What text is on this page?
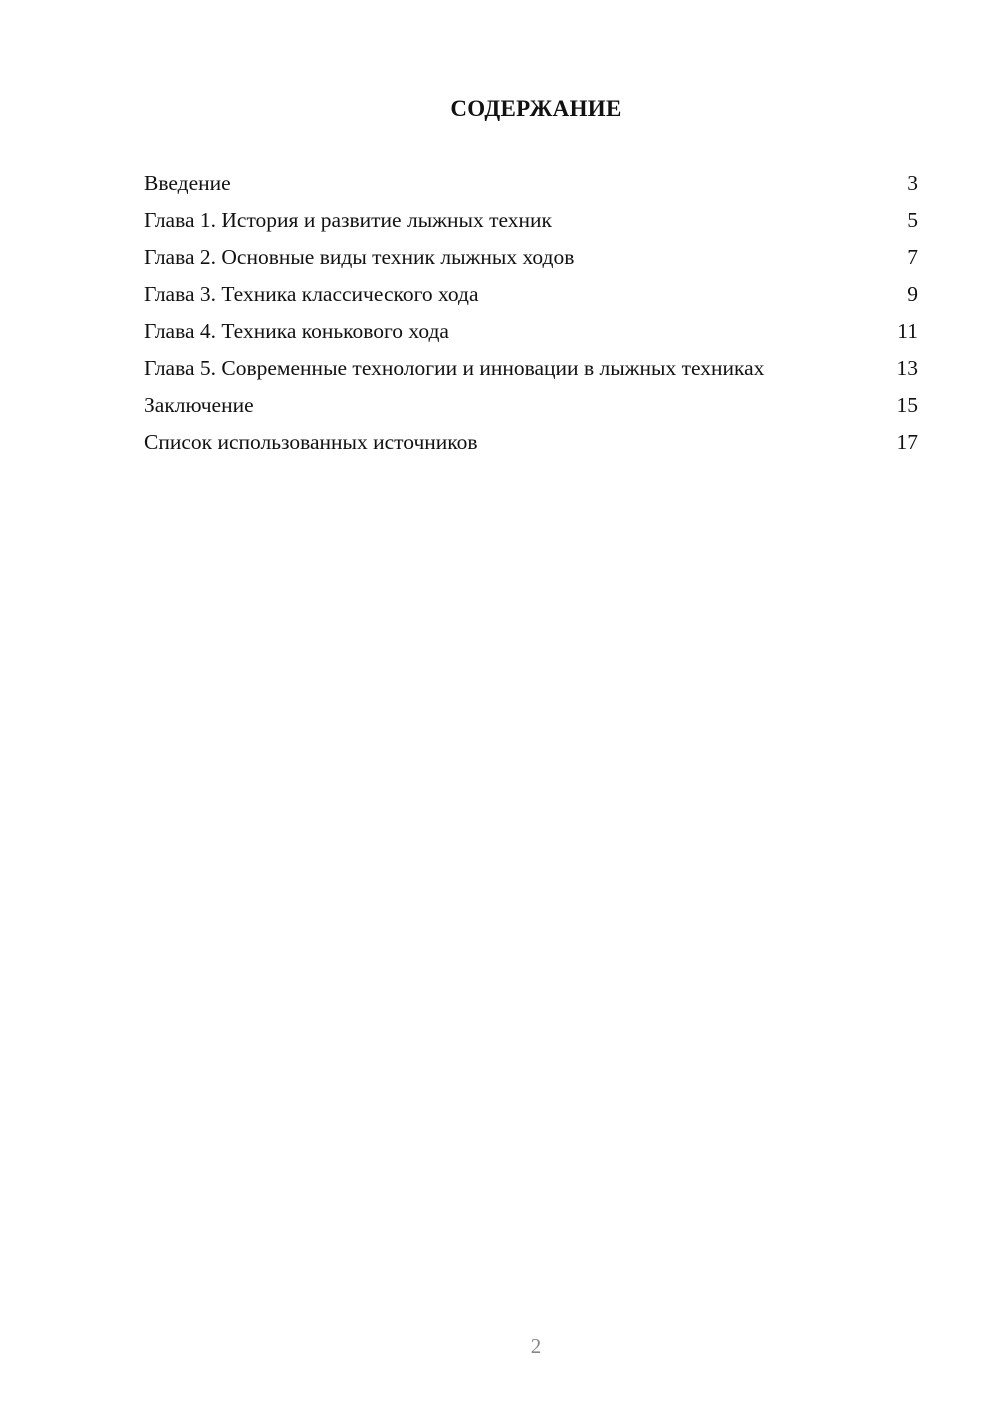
СОДЕРЖАНИЕ
Введение	3
Глава 1. История и развитие лыжных техник	5
Глава 2. Основные виды техник лыжных ходов	7
Глава 3. Техника классического хода	9
Глава 4. Техника конькового хода	11
Глава 5. Современные технологии и инновации в лыжных техниках	13
Заключение	15
Список использованных источников	17
2
